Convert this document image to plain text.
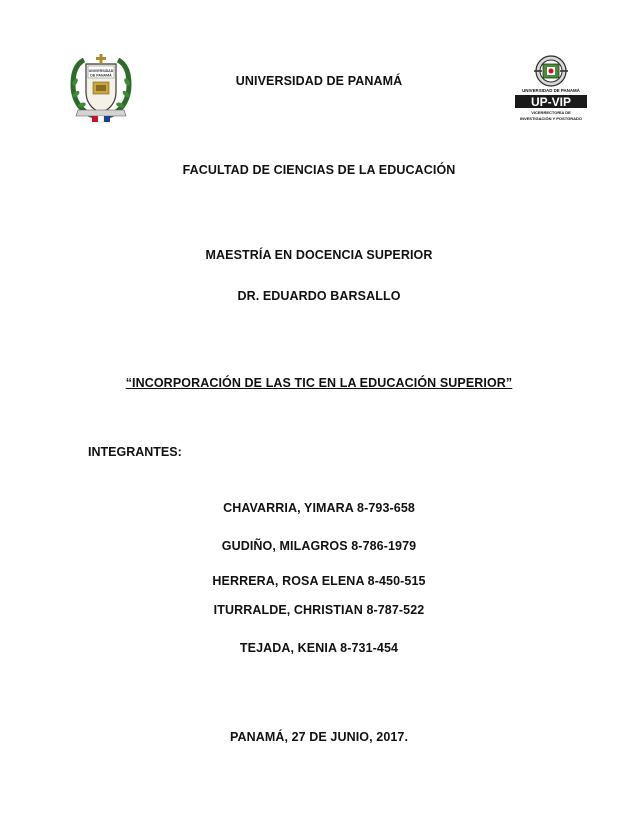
UNIVERSIDAD
DE PANAMÁ
UNIVERSIDAD DE PANAMÁ
UP-VIP
VICERRECTORÍA DE
INVESTIGACIÓN Y POSTGRADO
UNIVERSIDAD DE PANAMÁ
FACULTAD DE CIENCIAS DE LA EDUCACIÓN
MAESTRÍA EN DOCENCIA SUPERIOR
DR. EDUARDO BARSALLO
“INCORPORACIÓN DE LAS TIC EN LA EDUCACIÓN SUPERIOR”
INTEGRANTES:
CHAVARRIA, YIMARA 8-793-658
GUDIÑO, MILAGROS 8-786-1979
HERRERA, ROSA ELENA 8-450-515
ITURRALDE, CHRISTIAN 8-787-522
TEJADA, KENIA 8-731-454
PANAMÁ, 27 DE JUNIO, 2017.
